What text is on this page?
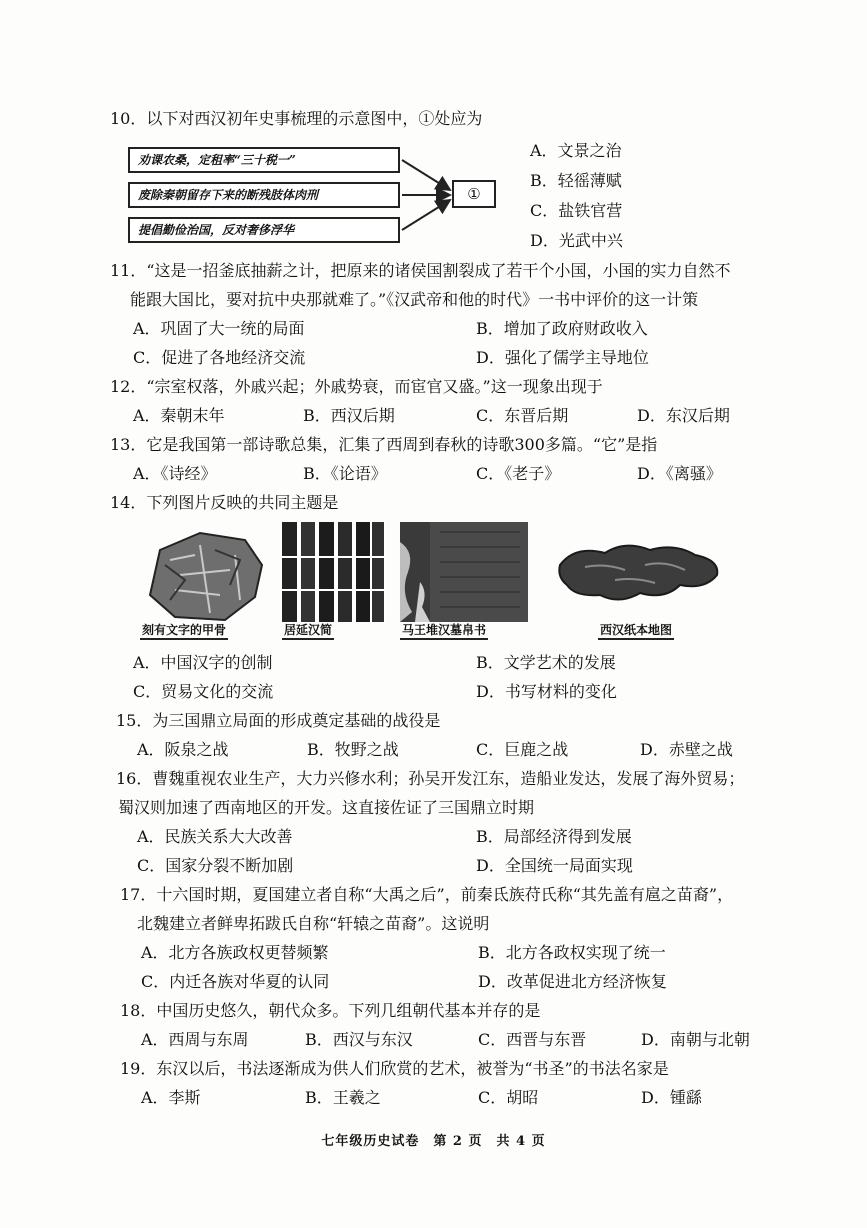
10．以下对西汉初年史事梳理的示意图中，①处应为
劝课农桑，定租率“三十税一”
废除秦朝留存下来的断残肢体肉刑
提倡勤俭治国，反对奢侈浮华
①
A．文景之治
B．轻徭薄赋
C．盐铁官营
D．光武中兴
11．“这是一招釜底抽薪之计，把原来的诸侯国割裂成了若干个小国，小国的实力自然不
能跟大国比，要对抗中央那就难了。”《汉武帝和他的时代》一书中评价的这一计策
A．巩固了大一统的局面	B．增加了政府财政收入
C．促进了各地经济交流	D．强化了儒学主导地位
12．“宗室权落，外戚兴起；外戚势衰，而宦官又盛。”这一现象出现于
A．秦朝末年	B．西汉后期	C．东晋后期	D．东汉后期
13．它是我国第一部诗歌总集，汇集了西周到春秋的诗歌300多篇。“它”是指
A．《诗经》	B．《论语》	C．《老子》	D．《离骚》
14．下列图片反映的共同主题是
刻有文字的甲骨	居延汉简	马王堆汉墓帛书	西汉纸本地图
A．中国汉字的创制	B．文学艺术的发展
C．贸易文化的交流	D．书写材料的变化
15．为三国鼎立局面的形成奠定基础的战役是
A．阪泉之战	B．牧野之战	C．巨鹿之战	D．赤壁之战
16．曹魏重视农业生产，大力兴修水利；孙吴开发江东，造船业发达，发展了海外贸易；
蜀汉则加速了西南地区的开发。这直接佐证了三国鼎立时期
A．民族关系大大改善	B．局部经济得到发展
C．国家分裂不断加剧	D．全国统一局面实现
17．十六国时期，夏国建立者自称“大禹之后”，前秦氐族苻氏称“其先盖有扈之苗裔”，
北魏建立者鲜卑拓跋氏自称“轩辕之苗裔”。这说明
A．北方各族政权更替频繁	B．北方各政权实现了统一
C．内迁各族对华夏的认同	D．改革促进北方经济恢复
18．中国历史悠久，朝代众多。下列几组朝代基本并存的是
A．西周与东周	B．西汉与东汉	C．西晋与东晋	D．南朝与北朝
19．东汉以后，书法逐渐成为供人们欣赏的艺术，被誉为“书圣”的书法名家是
A．李斯	B．王羲之	C．胡昭	D．锺繇
七年级历史试卷　第 2 页　共 4 页
